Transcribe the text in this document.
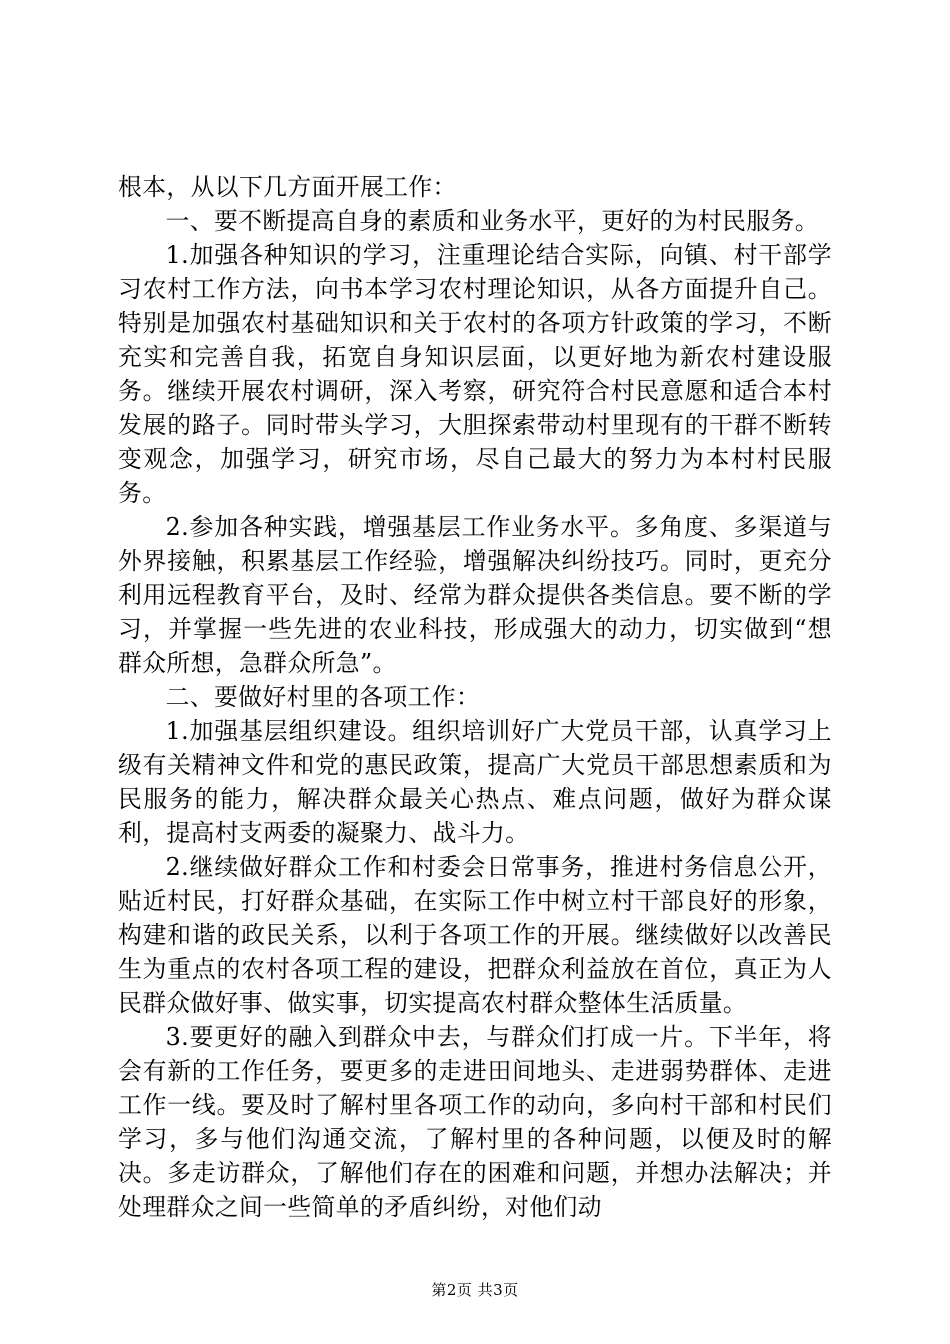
根本，从以下几方面开展工作：

一、要不断提高自身的素质和业务水平，更好的为村民服务。

1.加强各种知识的学习，注重理论结合实际，向镇、村干部学习农村工作方法，向书本学习农村理论知识，从各方面提升自己。特别是加强农村基础知识和关于农村的各项方针政策的学习，不断充实和完善自我，拓宽自身知识层面，以更好地为新农村建设服务。继续开展农村调研，深入考察，研究符合村民意愿和适合本村发展的路子。同时带头学习，大胆探索带动村里现有的干群不断转变观念，加强学习，研究市场，尽自己最大的努力为本村村民服务。

2.参加各种实践，增强基层工作业务水平。多角度、多渠道与外界接触，积累基层工作经验，增强解决纠纷技巧。同时，更充分利用远程教育平台，及时、经常为群众提供各类信息。要不断的学习，并掌握一些先进的农业科技，形成强大的动力，切实做到“想群众所想，急群众所急”。

二、要做好村里的各项工作：

1.加强基层组织建设。组织培训好广大党员干部，认真学习上级有关精神文件和党的惠民政策，提高广大党员干部思想素质和为民服务的能力，解决群众最关心热点、难点问题，做好为群众谋利，提高村支两委的凝聚力、战斗力。

2.继续做好群众工作和村委会日常事务，推进村务信息公开，贴近村民，打好群众基础，在实际工作中树立村干部良好的形象，构建和谐的政民关系，以利于各项工作的开展。继续做好以改善民生为重点的农村各项工程的建设，把群众利益放在首位，真正为人民群众做好事、做实事，切实提高农村群众整体生活质量。

3.要更好的融入到群众中去，与群众们打成一片。下半年，将会有新的工作任务，要更多的走进田间地头、走进弱势群体、走进工作一线。要及时了解村里各项工作的动向，多向村干部和村民们学习，多与他们沟通交流，了解村里的各种问题，以便及时的解决。多走访群众，了解他们存在的困难和问题，并想办法解决；并处理群众之间一些简单的矛盾纠纷，对他们动

第2页 共3页
